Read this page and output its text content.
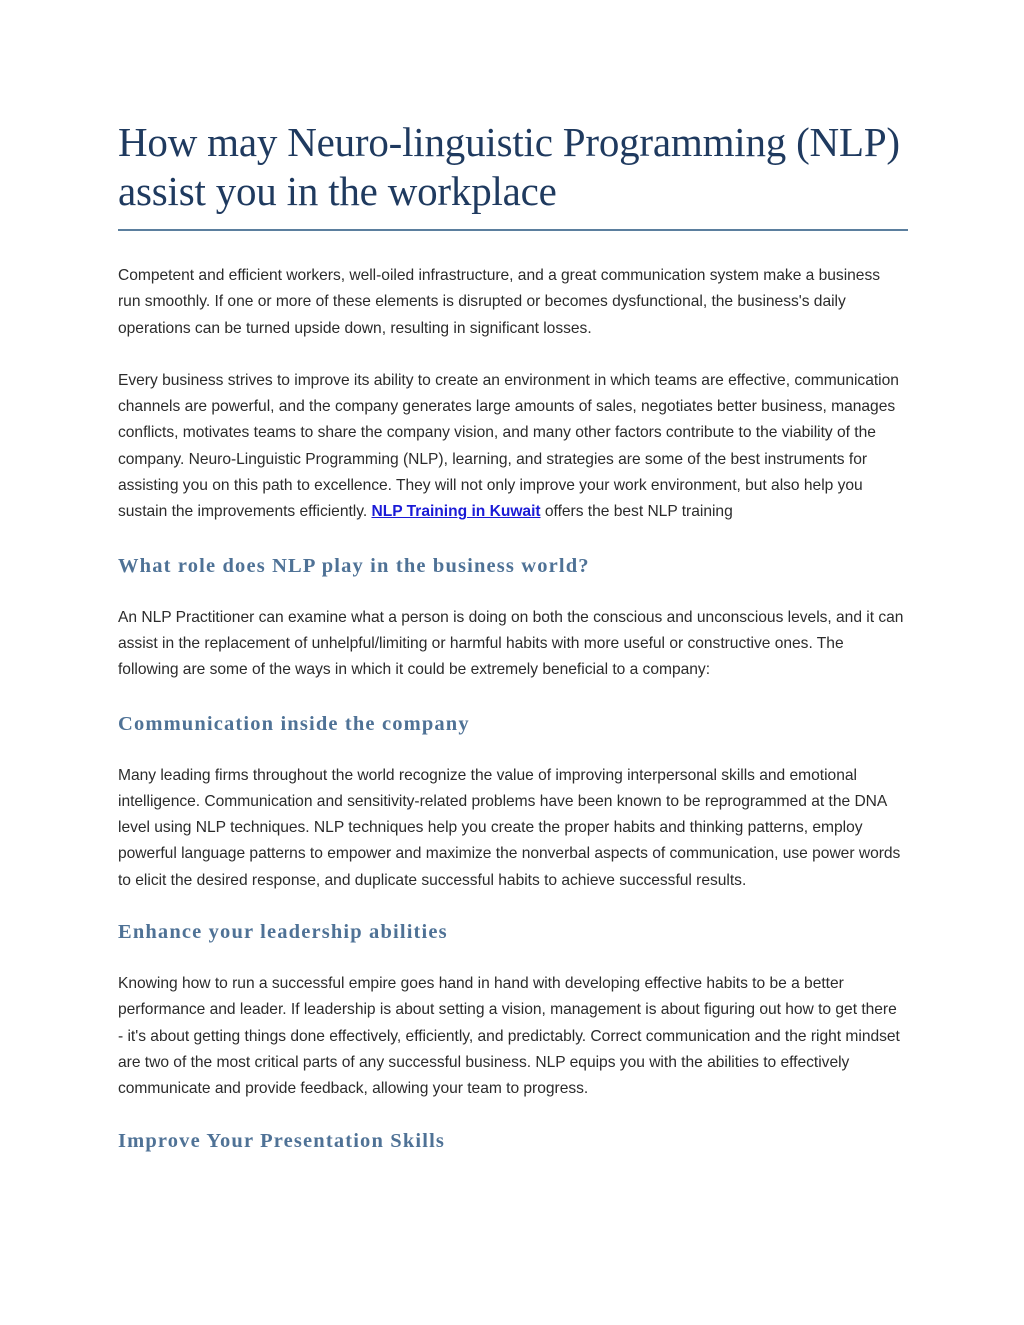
How may Neuro-linguistic Programming (NLP) assist you in the workplace

Competent and efficient workers, well-oiled infrastructure, and a great communication system make a business run smoothly. If one or more of these elements is disrupted or becomes dysfunctional, the business's daily operations can be turned upside down, resulting in significant losses.

Every business strives to improve its ability to create an environment in which teams are effective, communication channels are powerful, and the company generates large amounts of sales, negotiates better business, manages conflicts, motivates teams to share the company vision, and many other factors contribute to the viability of the company. Neuro-Linguistic Programming (NLP), learning, and strategies are some of the best instruments for assisting you on this path to excellence. They will not only improve your work environment, but also help you sustain the improvements efficiently. NLP Training in Kuwait offers the best NLP training

What role does NLP play in the business world?

An NLP Practitioner can examine what a person is doing on both the conscious and unconscious levels, and it can assist in the replacement of unhelpful/limiting or harmful habits with more useful or constructive ones. The following are some of the ways in which it could be extremely beneficial to a company:

Communication inside the company

Many leading firms throughout the world recognize the value of improving interpersonal skills and emotional intelligence. Communication and sensitivity-related problems have been known to be reprogrammed at the DNA level using NLP techniques. NLP techniques help you create the proper habits and thinking patterns, employ powerful language patterns to empower and maximize the nonverbal aspects of communication, use power words to elicit the desired response, and duplicate successful habits to achieve successful results.

Enhance your leadership abilities

Knowing how to run a successful empire goes hand in hand with developing effective habits to be a better performance and leader. If leadership is about setting a vision, management is about figuring out how to get there - it's about getting things done effectively, efficiently, and predictably. Correct communication and the right mindset are two of the most critical parts of any successful business. NLP equips you with the abilities to effectively communicate and provide feedback, allowing your team to progress.

Improve Your Presentation Skills
